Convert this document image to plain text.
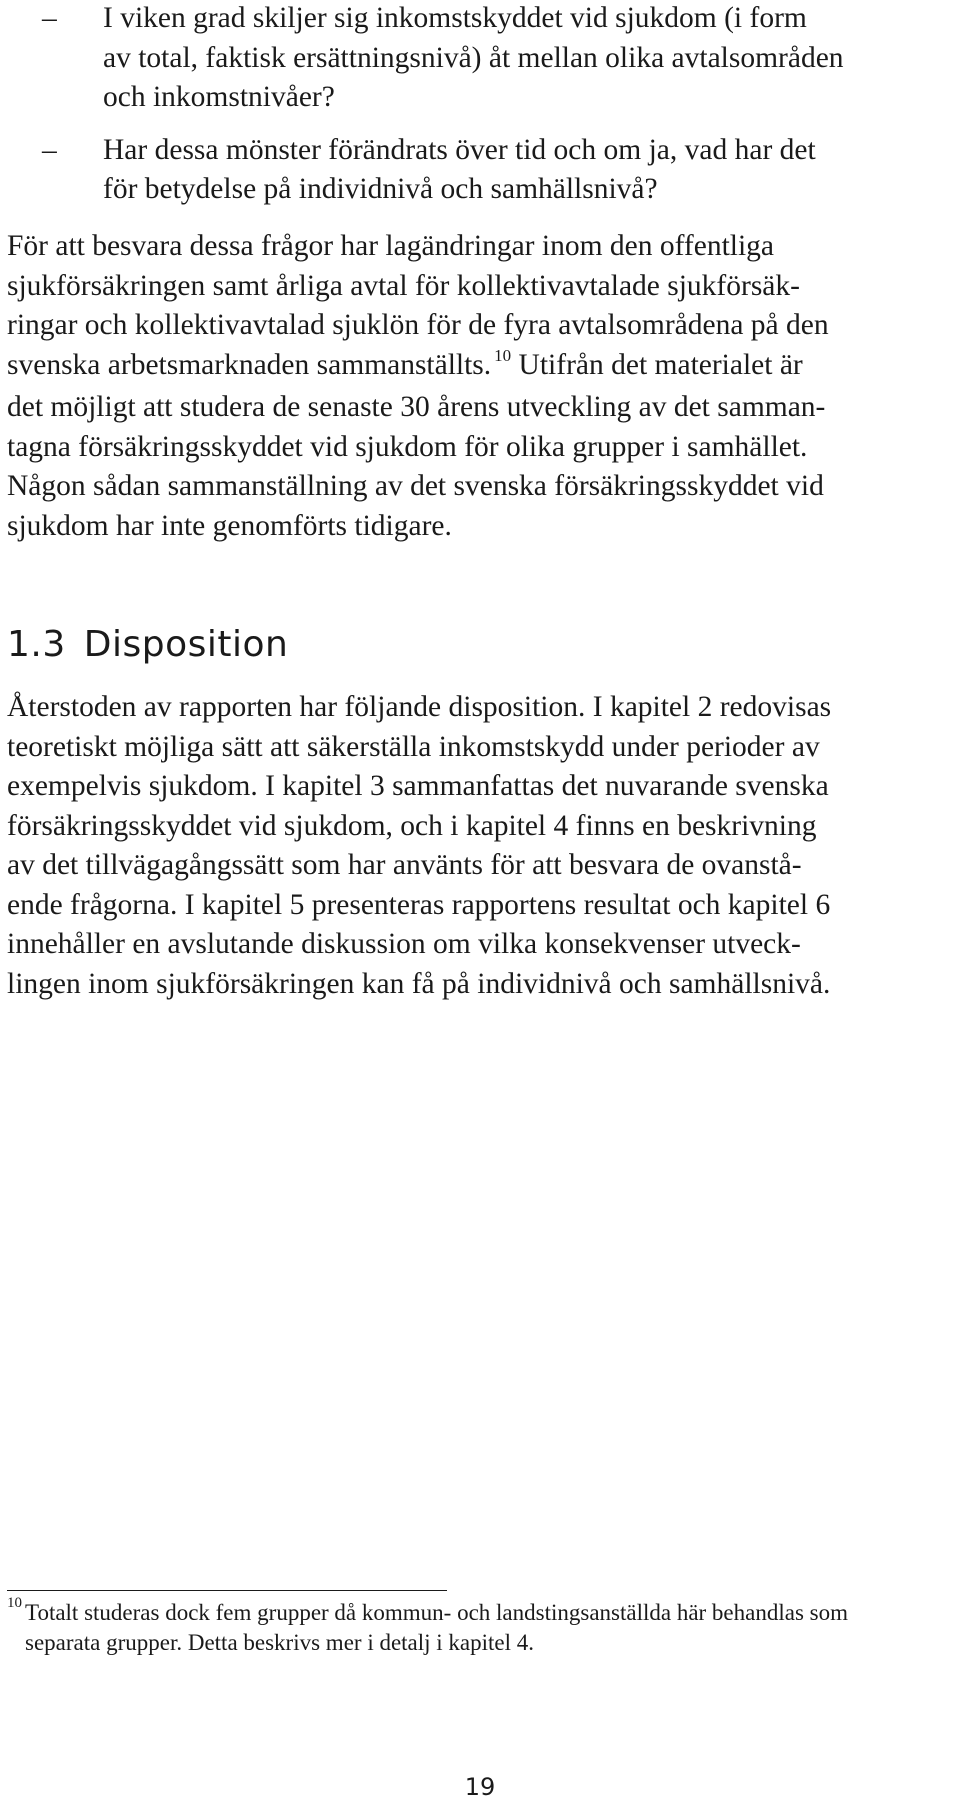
– I viken grad skiljer sig inkomstskyddet vid sjukdom (i form
av total, faktisk ersättningsnivå) åt mellan olika avtalsområden
och inkomstnivåer?
– Har dessa mönster förändrats över tid och om ja, vad har det
för betydelse på individnivå och samhällsnivå?

För att besvara dessa frågor har lagändringar inom den offentliga
sjukförsäkringen samt årliga avtal för kollektivavtalade sjukförsäk-
ringar och kollektivavtalad sjuklön för de fyra avtalsområdena på den
svenska arbetsmarknaden sammanställts. $^{10}$ Utifrån det materialet är
det möjligt att studera de senaste 30 årens utveckling av det samman-
tagna försäkringsskyddet vid sjukdom för olika grupper i samhället.
Någon sådan sammanställning av det svenska försäkringsskyddet vid
sjukdom har inte genomförts tidigare.

1.3 Disposition

Återstoden av rapporten har följande disposition. I kapitel 2 redovisas
teoretiskt möjliga sätt att säkerställa inkomstskydd under perioder av
exempelvis sjukdom. I kapitel 3 sammanfattas det nuvarande svenska
försäkringsskyddet vid sjukdom, och i kapitel 4 finns en beskrivning
av det tillvägagångssätt som har använts för att besvara de ovanstå-
ende frågorna. I kapitel 5 presenteras rapportens resultat och kapitel 6
innehåller en avslutande diskussion om vilka konsekvenser utveck-
lingen inom sjukförsäkringen kan få på individnivå och samhällsnivå.

10 Totalt studeras dock fem grupper då kommun- och landstingsanställda här behandlas som
separata grupper. Detta beskrivs mer i detalj i kapitel 4.

19
